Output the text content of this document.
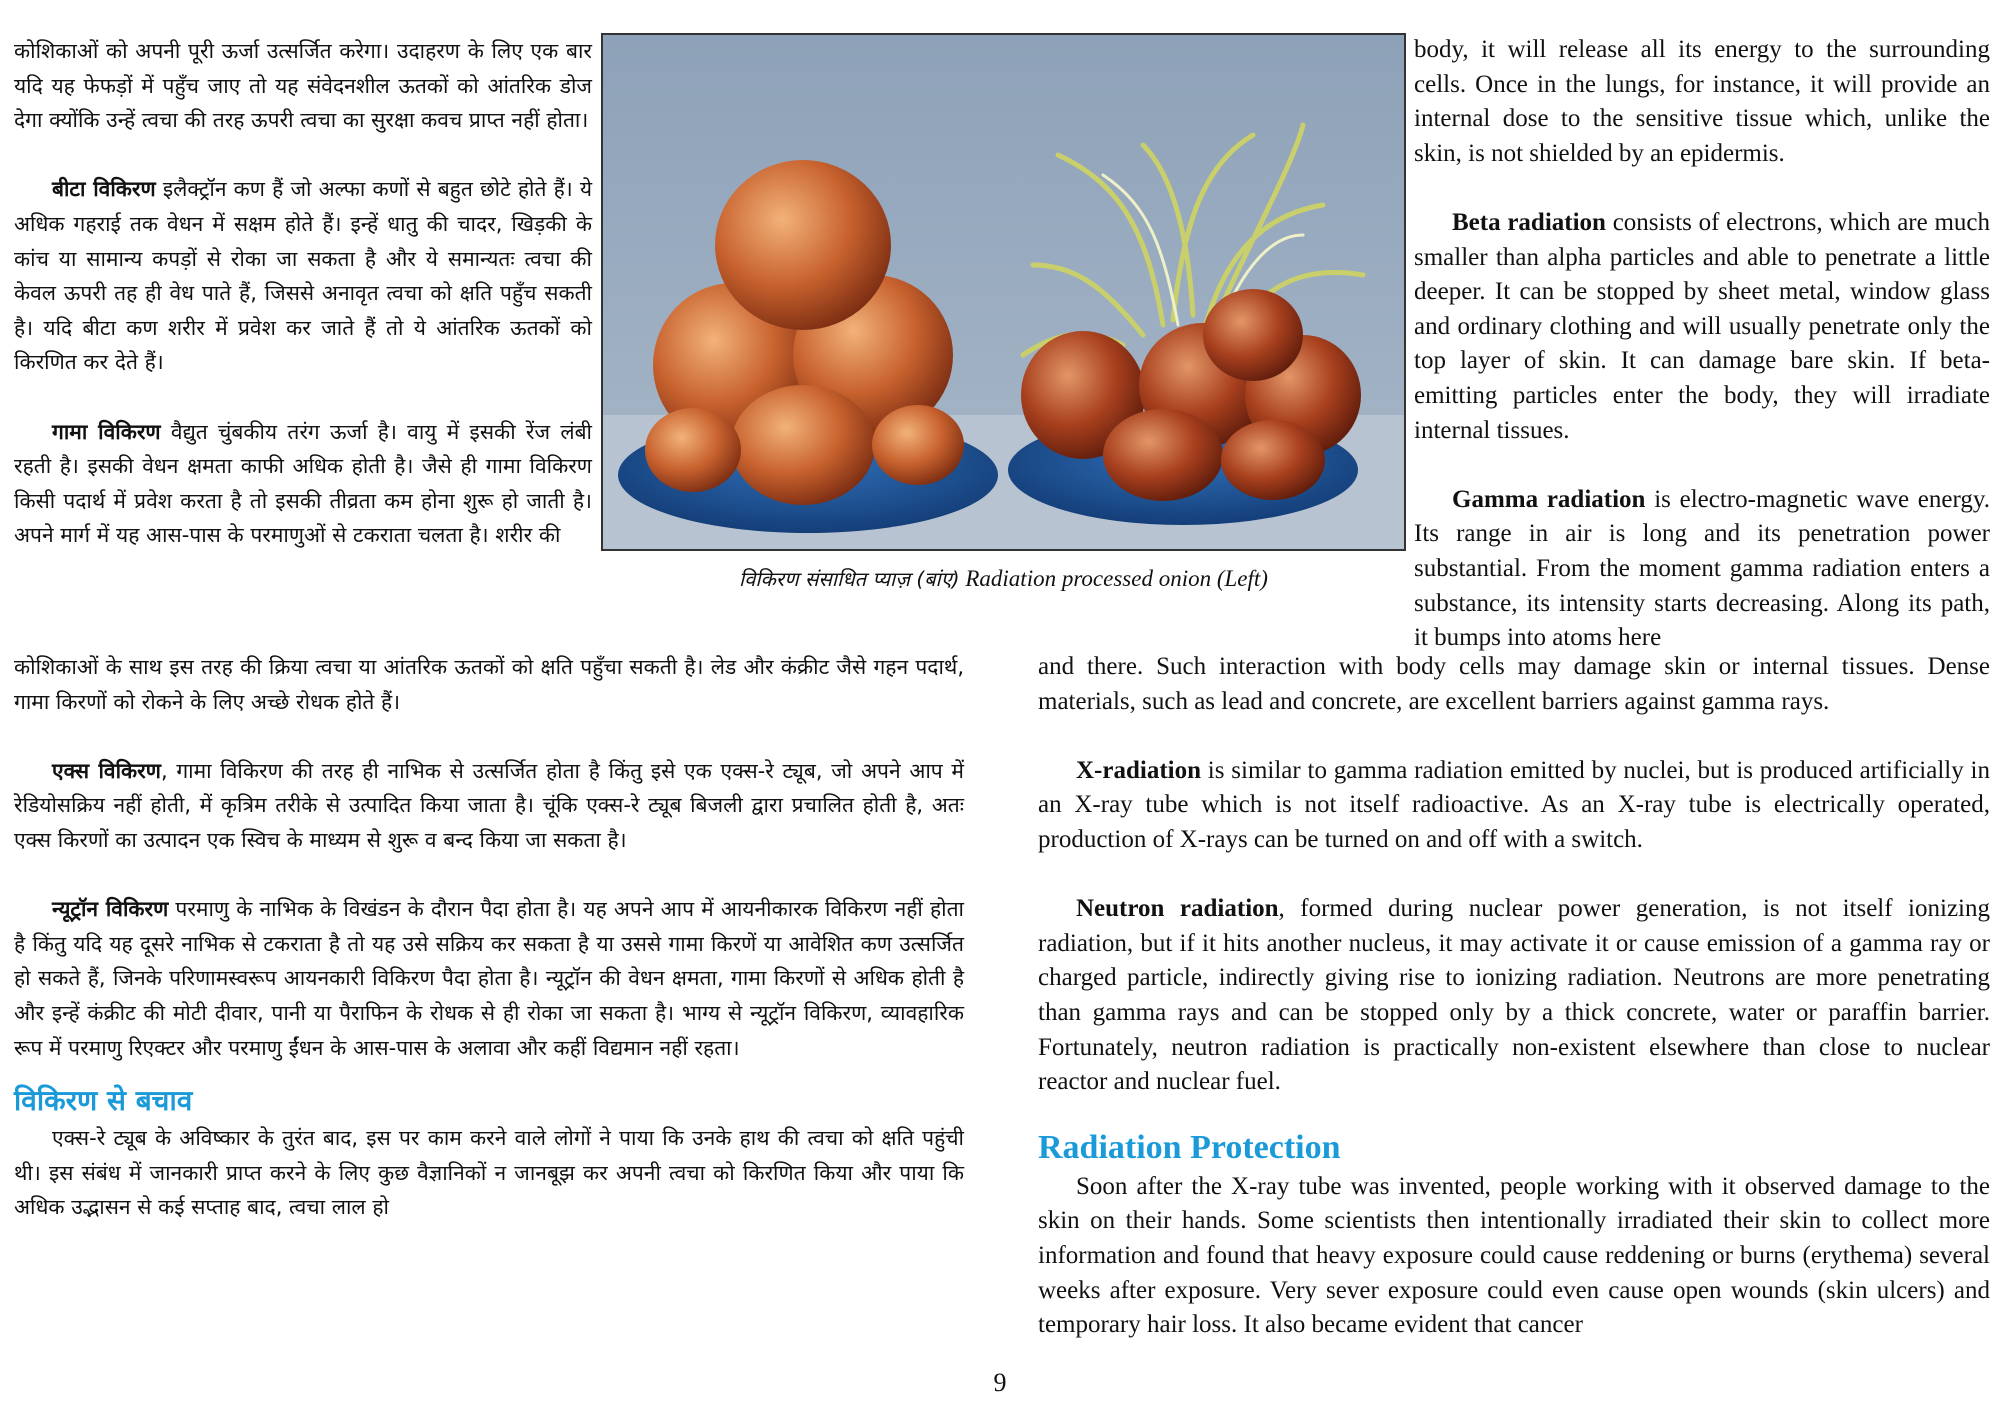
कोशिकाओं को अपनी पूरी ऊर्जा उत्सर्जित करेगा। उदाहरण के लिए एक बार यदि यह फेफड़ों में पहुँच जाए तो यह संवेदनशील ऊतकों को आंतरिक डोज देगा क्योंकि उन्हें त्वचा की तरह ऊपरी त्वचा का सुरक्षा कवच प्राप्त नहीं होता।

बीटा विकिरण इलैक्ट्रॉन कण हैं जो अल्फा कणों से बहुत छोटे होते हैं। ये अधिक गहराई तक वेधन में सक्षम होते हैं। इन्हें धातु की चादर, खिड़की के कांच या सामान्य कपड़ों से रोका जा सकता है और ये समान्यतः त्वचा की केवल ऊपरी तह ही वेध पाते हैं, जिससे अनावृत त्वचा को क्षति पहुँच सकती है। यदि बीटा कण शरीर में प्रवेश कर जाते हैं तो ये आंतरिक ऊतकों को किरणित कर देते हैं।

गामा विकिरण वैद्युत चुंबकीय तरंग ऊर्जा है। वायु में इसकी रेंज लंबी रहती है। इसकी वेधन क्षमता काफी अधिक होती है। जैसे ही गामा विकिरण किसी पदार्थ में प्रवेश करता है तो इसकी तीव्रता कम होना शुरू हो जाती है। अपने मार्ग में यह आस-पास के परमाणुओं से टकराता चलता है। शरीर की

कोशिकाओं के साथ इस तरह की क्रिया त्वचा या आंतरिक ऊतकों को क्षति पहुँचा सकती है। लेड और कंक्रीट जैसे गहन पदार्थ, गामा किरणों को रोकने के लिए अच्छे रोधक होते हैं।

एक्स विकिरण, गामा विकिरण की तरह ही नाभिक से उत्सर्जित होता है किंतु इसे एक एक्स-रे ट्यूब, जो अपने आप में रेडियोसक्रिय नहीं होती, में कृत्रिम तरीके से उत्पादित किया जाता है। चूंकि एक्स-रे ट्यूब बिजली द्वारा प्रचालित होती है, अतः एक्स किरणों का उत्पादन एक स्विच के माध्यम से शुरू व बन्द किया जा सकता है।

न्यूट्रॉन विकिरण परमाणु के नाभिक के विखंडन के दौरान पैदा होता है। यह अपने आप में आयनीकारक विकिरण नहीं होता है किंतु यदि यह दूसरे नाभिक से टकराता है तो यह उसे सक्रिय कर सकता है या उससे गामा किरणें या आवेशित कण उत्सर्जित हो सकते हैं, जिनके परिणामस्वरूप आयनकारी विकिरण पैदा होता है। न्यूट्रॉन की वेधन क्षमता, गामा किरणों से अधिक होती है और इन्हें कंक्रीट की मोटी दीवार, पानी या पैराफिन के रोधक से ही रोका जा सकता है। भाग्य से न्यूट्रॉन विकिरण, व्यावहारिक रूप में परमाणु रिएक्टर और परमाणु ईंधन के आस-पास के अलावा और कहीं विद्यमान नहीं रहता।

विकिरण से बचाव

एक्स-रे ट्यूब के अविष्कार के तुरंत बाद, इस पर काम करने वाले लोगों ने पाया कि उनके हाथ की त्वचा को क्षति पहुंची थी। इस संबंध में जानकारी प्राप्त करने के लिए कुछ वैज्ञानिकों न जानबूझ कर अपनी त्वचा को किरणित किया और पाया कि अधिक उद्भासन से कई सप्ताह बाद, त्वचा लाल हो

विकिरण संसाधित प्याज़ (बांए) Radiation processed onion (Left)

body, it will release all its energy to the surrounding cells. Once in the lungs, for instance, it will provide an internal dose to the sensitive tissue which, unlike the skin, is not shielded by an epidermis.

Beta radiation consists of electrons, which are much smaller than alpha particles and able to penetrate a little deeper. It can be stopped by sheet metal, window glass and ordinary clothing and will usually penetrate only the top layer of skin. It can damage bare skin. If beta-emitting particles enter the body, they will irradiate internal tissues.

Gamma radiation is electro-magnetic wave energy. Its range in air is long and its penetration power substantial. From the moment gamma radiation enters a substance, its intensity starts decreasing. Along its path, it bumps into atoms here

and there. Such interaction with body cells may damage skin or internal tissues. Dense materials, such as lead and concrete, are excellent barriers against gamma rays.

X-radiation is similar to gamma radiation emitted by nuclei, but is produced artificially in an X-ray tube which is not itself radioactive. As an X-ray tube is electrically operated, production of X-rays can be turned on and off with a switch.

Neutron radiation, formed during nuclear power generation, is not itself ionizing radiation, but if it hits another nucleus, it may activate it or cause emission of a gamma ray or charged particle, indirectly giving rise to ionizing radiation. Neutrons are more penetrating than gamma rays and can be stopped only by a thick concrete, water or paraffin barrier. Fortunately, neutron radiation is practically non-existent elsewhere than close to nuclear reactor and nuclear fuel.

Radiation Protection

Soon after the X-ray tube was invented, people working with it observed damage to the skin on their hands. Some scientists then intentionally irradiated their skin to collect more information and found that heavy exposure could cause reddening or burns (erythema) several weeks after exposure. Very sever exposure could even cause open wounds (skin ulcers) and temporary hair loss. It also became evident that cancer

9
